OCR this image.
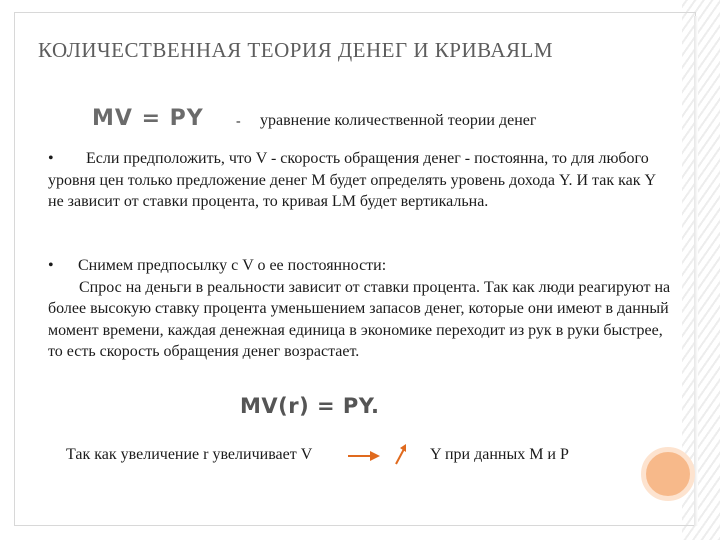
КОЛИЧЕСТВЕННАЯ ТЕОРИЯ ДЕНЕГ И КРИВАЯLM
MV = PY - уравнение количественной теории денег

• Если предположить, что V - скорость обращения денег - постоянна, то для любого уровня цен только предложение денег М будет определять уровень дохода Y. И так как Y не зависит от ставки процента, то кривая LM будет вертикальна.

• Снимем предпосылку с V о ее постоянности:
Спрос на деньги в реальности зависит от ставки процента. Так как люди реагируют на более высокую ставку процента уменьшением запасов денег, которые они имеют в данный момент времени, каждая денежная единица в экономике переходит из рук в руки быстрее, то есть скорость обращения денег возрастает.

MV(r) = PY.
Так как увеличение r увеличивает V	Y при данных М и Р
